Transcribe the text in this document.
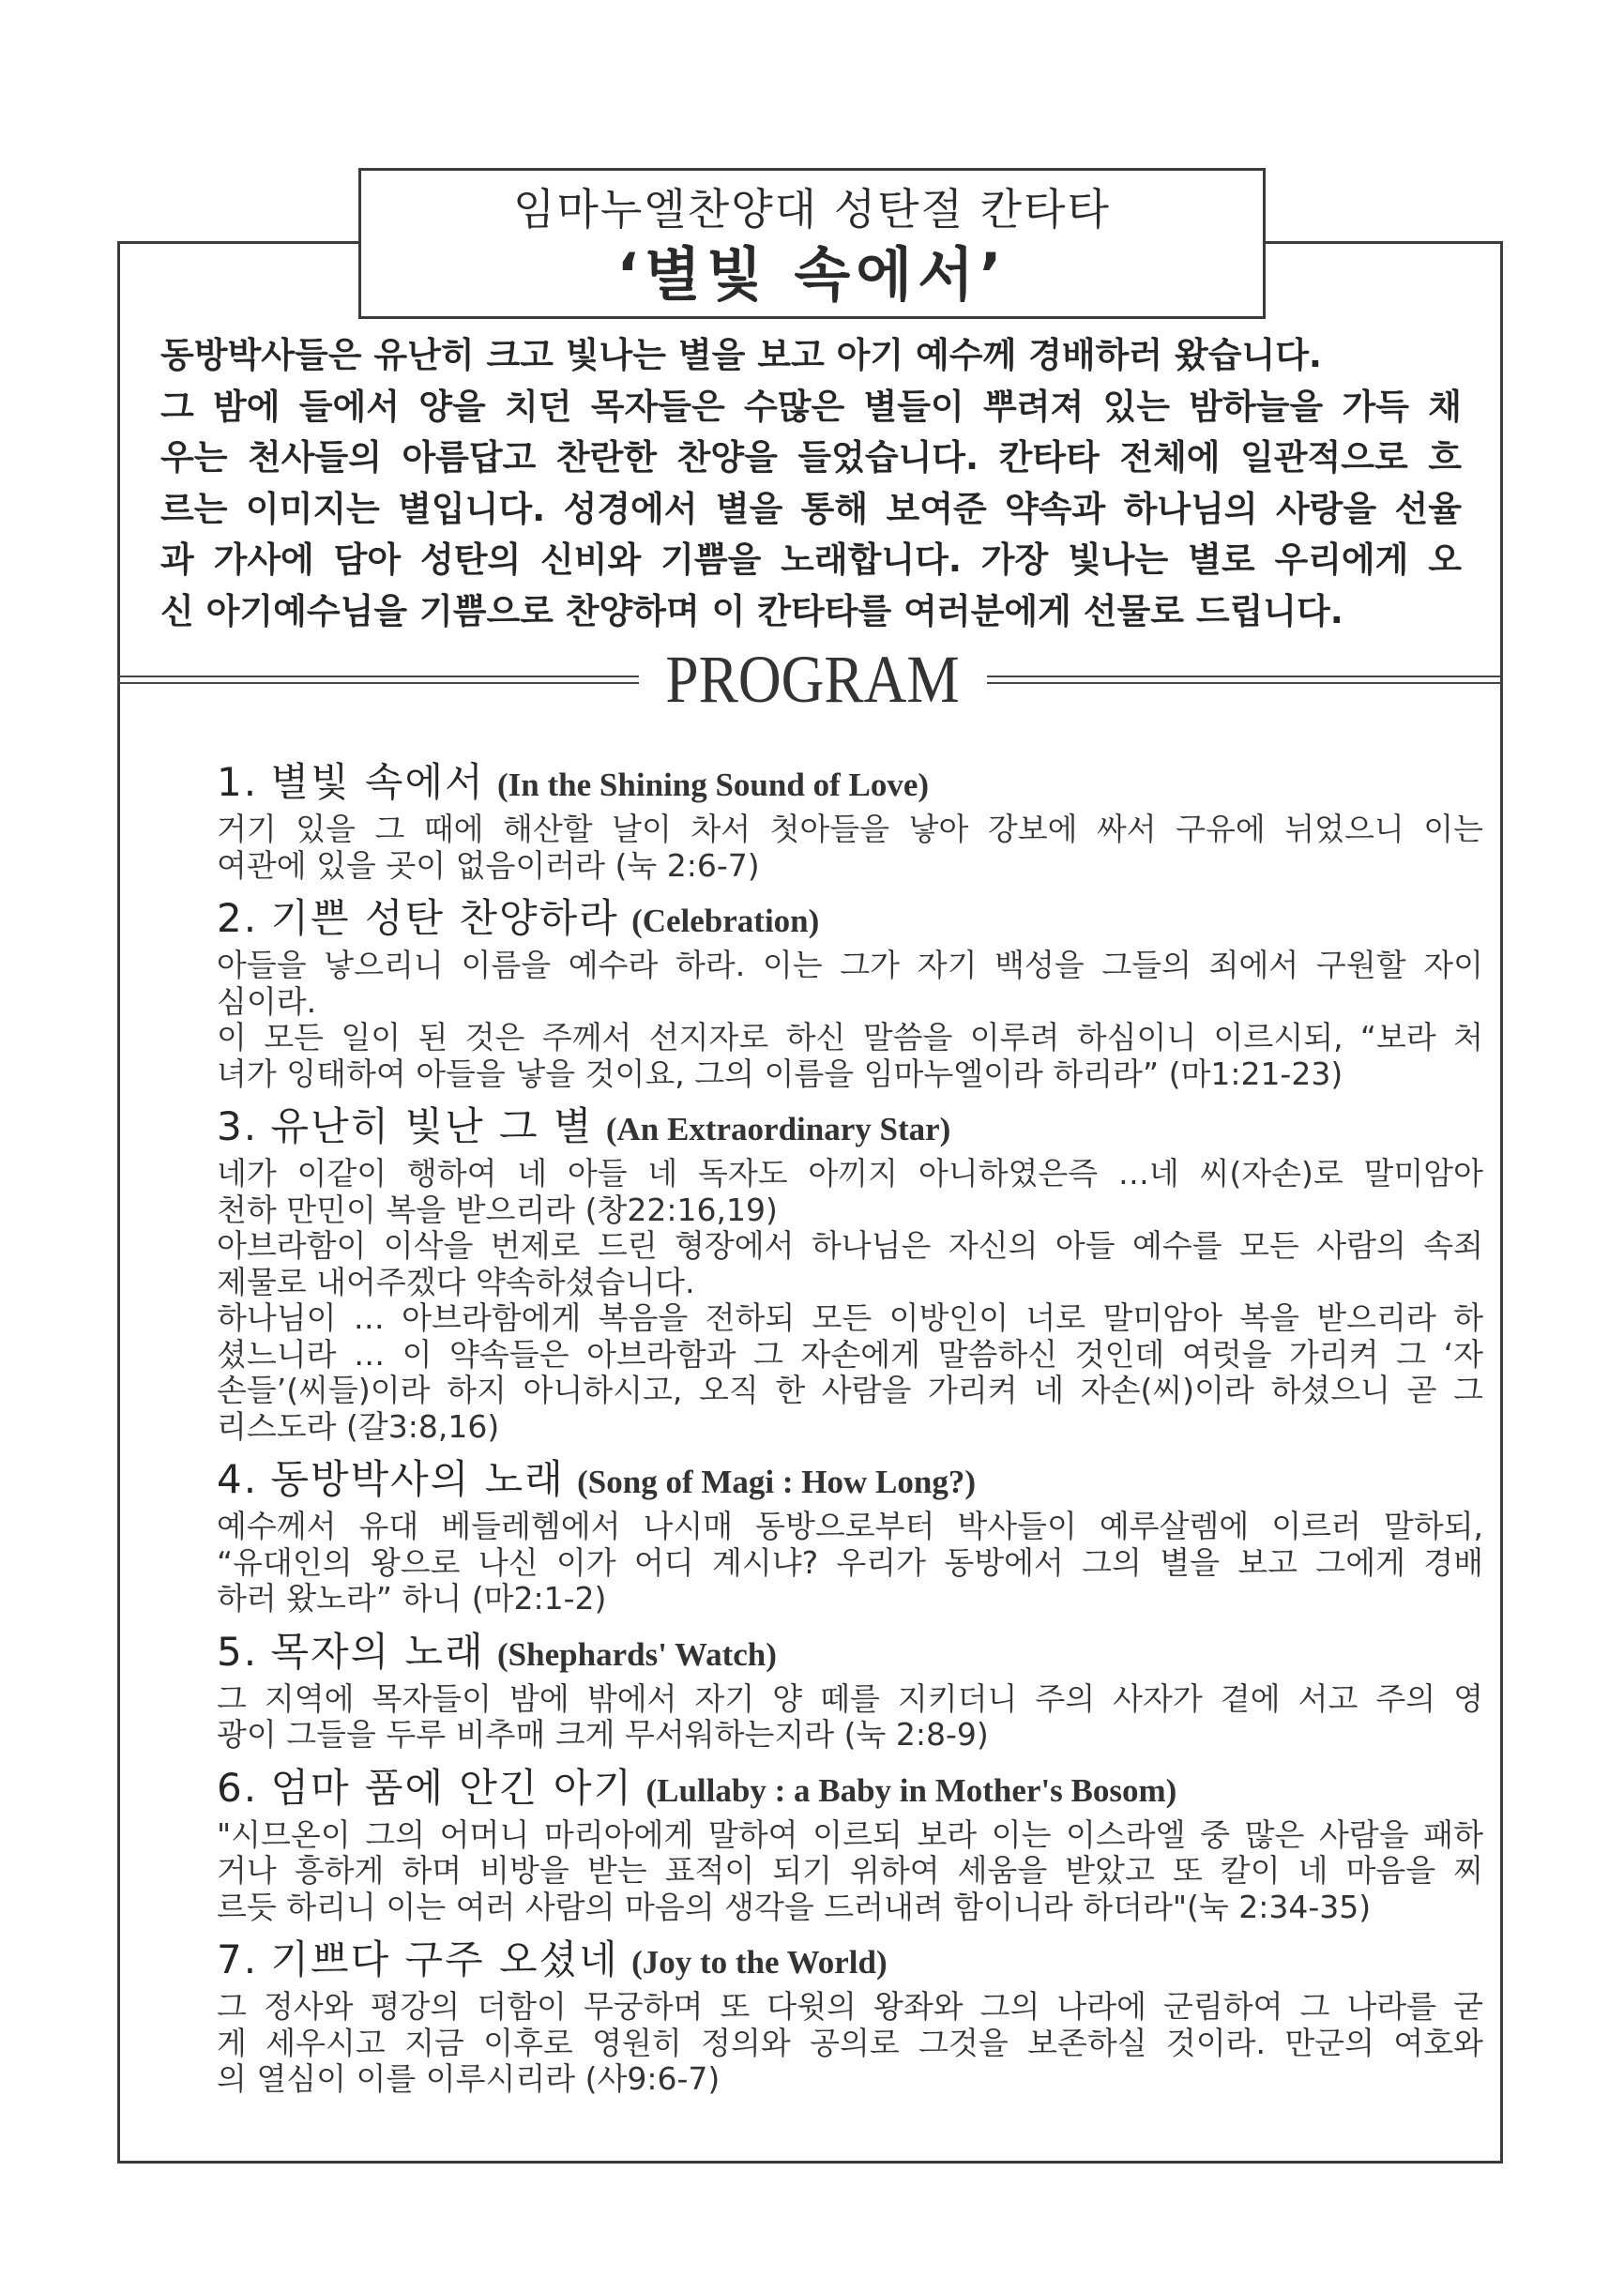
임마누엘찬양대 성탄절 칸타타
‘별빛 속에서’
동방박사들은 유난히 크고 빛나는 별을 보고 아기 예수께 경배하러 왔습니다.
그 밤에 들에서 양을 치던 목자들은 수많은 별들이 뿌려져 있는 밤하늘을 가득 채
우는 천사들의 아름답고 찬란한 찬양을 들었습니다. 칸타타 전체에 일관적으로 흐
르는 이미지는 별입니다. 성경에서 별을 통해 보여준 약속과 하나님의 사랑을 선율
과 가사에 담아 성탄의 신비와 기쁨을 노래합니다. 가장 빛나는 별로 우리에게 오
신 아기예수님을 기쁨으로 찬양하며 이 칸타타를 여러분에게 선물로 드립니다.
PROGRAM
1. 별빛 속에서 (In the Shining Sound of Love)
거기 있을 그 때에 해산할 날이 차서 첫아들을 낳아 강보에 싸서 구유에 뉘었으니 이는
여관에 있을 곳이 없음이러라 (눅 2:6-7)
2. 기쁜 성탄 찬양하라 (Celebration)
아들을 낳으리니 이름을 예수라 하라. 이는 그가 자기 백성을 그들의 죄에서 구원할 자이
심이라.
이 모든 일이 된 것은 주께서 선지자로 하신 말씀을 이루려 하심이니 이르시되, “보라 처
녀가 잉태하여 아들을 낳을 것이요, 그의 이름을 임마누엘이라 하리라” (마1:21-23)
3. 유난히 빛난 그 별 (An Extraordinary Star)
네가 이같이 행하여 네 아들 네 독자도 아끼지 아니하였은즉 …네 씨(자손)로 말미암아
천하 만민이 복을 받으리라 (창22:16,19)
아브라함이 이삭을 번제로 드린 형장에서 하나님은 자신의 아들 예수를 모든 사람의 속죄
제물로 내어주겠다 약속하셨습니다.
하나님이 … 아브라함에게 복음을 전하되 모든 이방인이 너로 말미암아 복을 받으리라 하
셨느니라 … 이 약속들은 아브라함과 그 자손에게 말씀하신 것인데 여럿을 가리켜 그 ‘자
손들’(씨들)이라 하지 아니하시고, 오직 한 사람을 가리켜 네 자손(씨)이라 하셨으니 곧 그
리스도라 (갈3:8,16)
4. 동방박사의 노래 (Song of Magi : How Long?)
예수께서 유대 베들레헴에서 나시매 동방으로부터 박사들이 예루살렘에 이르러 말하되,
“유대인의 왕으로 나신 이가 어디 계시냐? 우리가 동방에서 그의 별을 보고 그에게 경배
하러 왔노라” 하니 (마2:1-2)
5. 목자의 노래 (Shephards' Watch)
그 지역에 목자들이 밤에 밖에서 자기 양 떼를 지키더니 주의 사자가 곁에 서고 주의 영
광이 그들을 두루 비추매 크게 무서워하는지라 (눅 2:8-9)
6. 엄마 품에 안긴 아기 (Lullaby : a Baby in Mother's Bosom)
"시므온이 그의 어머니 마리아에게 말하여 이르되 보라 이는 이스라엘 중 많은 사람을 패하
거나 흥하게 하며 비방을 받는 표적이 되기 위하여 세움을 받았고 또 칼이 네 마음을 찌
르듯 하리니 이는 여러 사람의 마음의 생각을 드러내려 함이니라 하더라"(눅 2:34-35)
7. 기쁘다 구주 오셨네 (Joy to the World)
그 정사와 평강의 더함이 무궁하며 또 다윗의 왕좌와 그의 나라에 군림하여 그 나라를 굳
게 세우시고 지금 이후로 영원히 정의와 공의로 그것을 보존하실 것이라. 만군의 여호와
의 열심이 이를 이루시리라 (사9:6-7)
